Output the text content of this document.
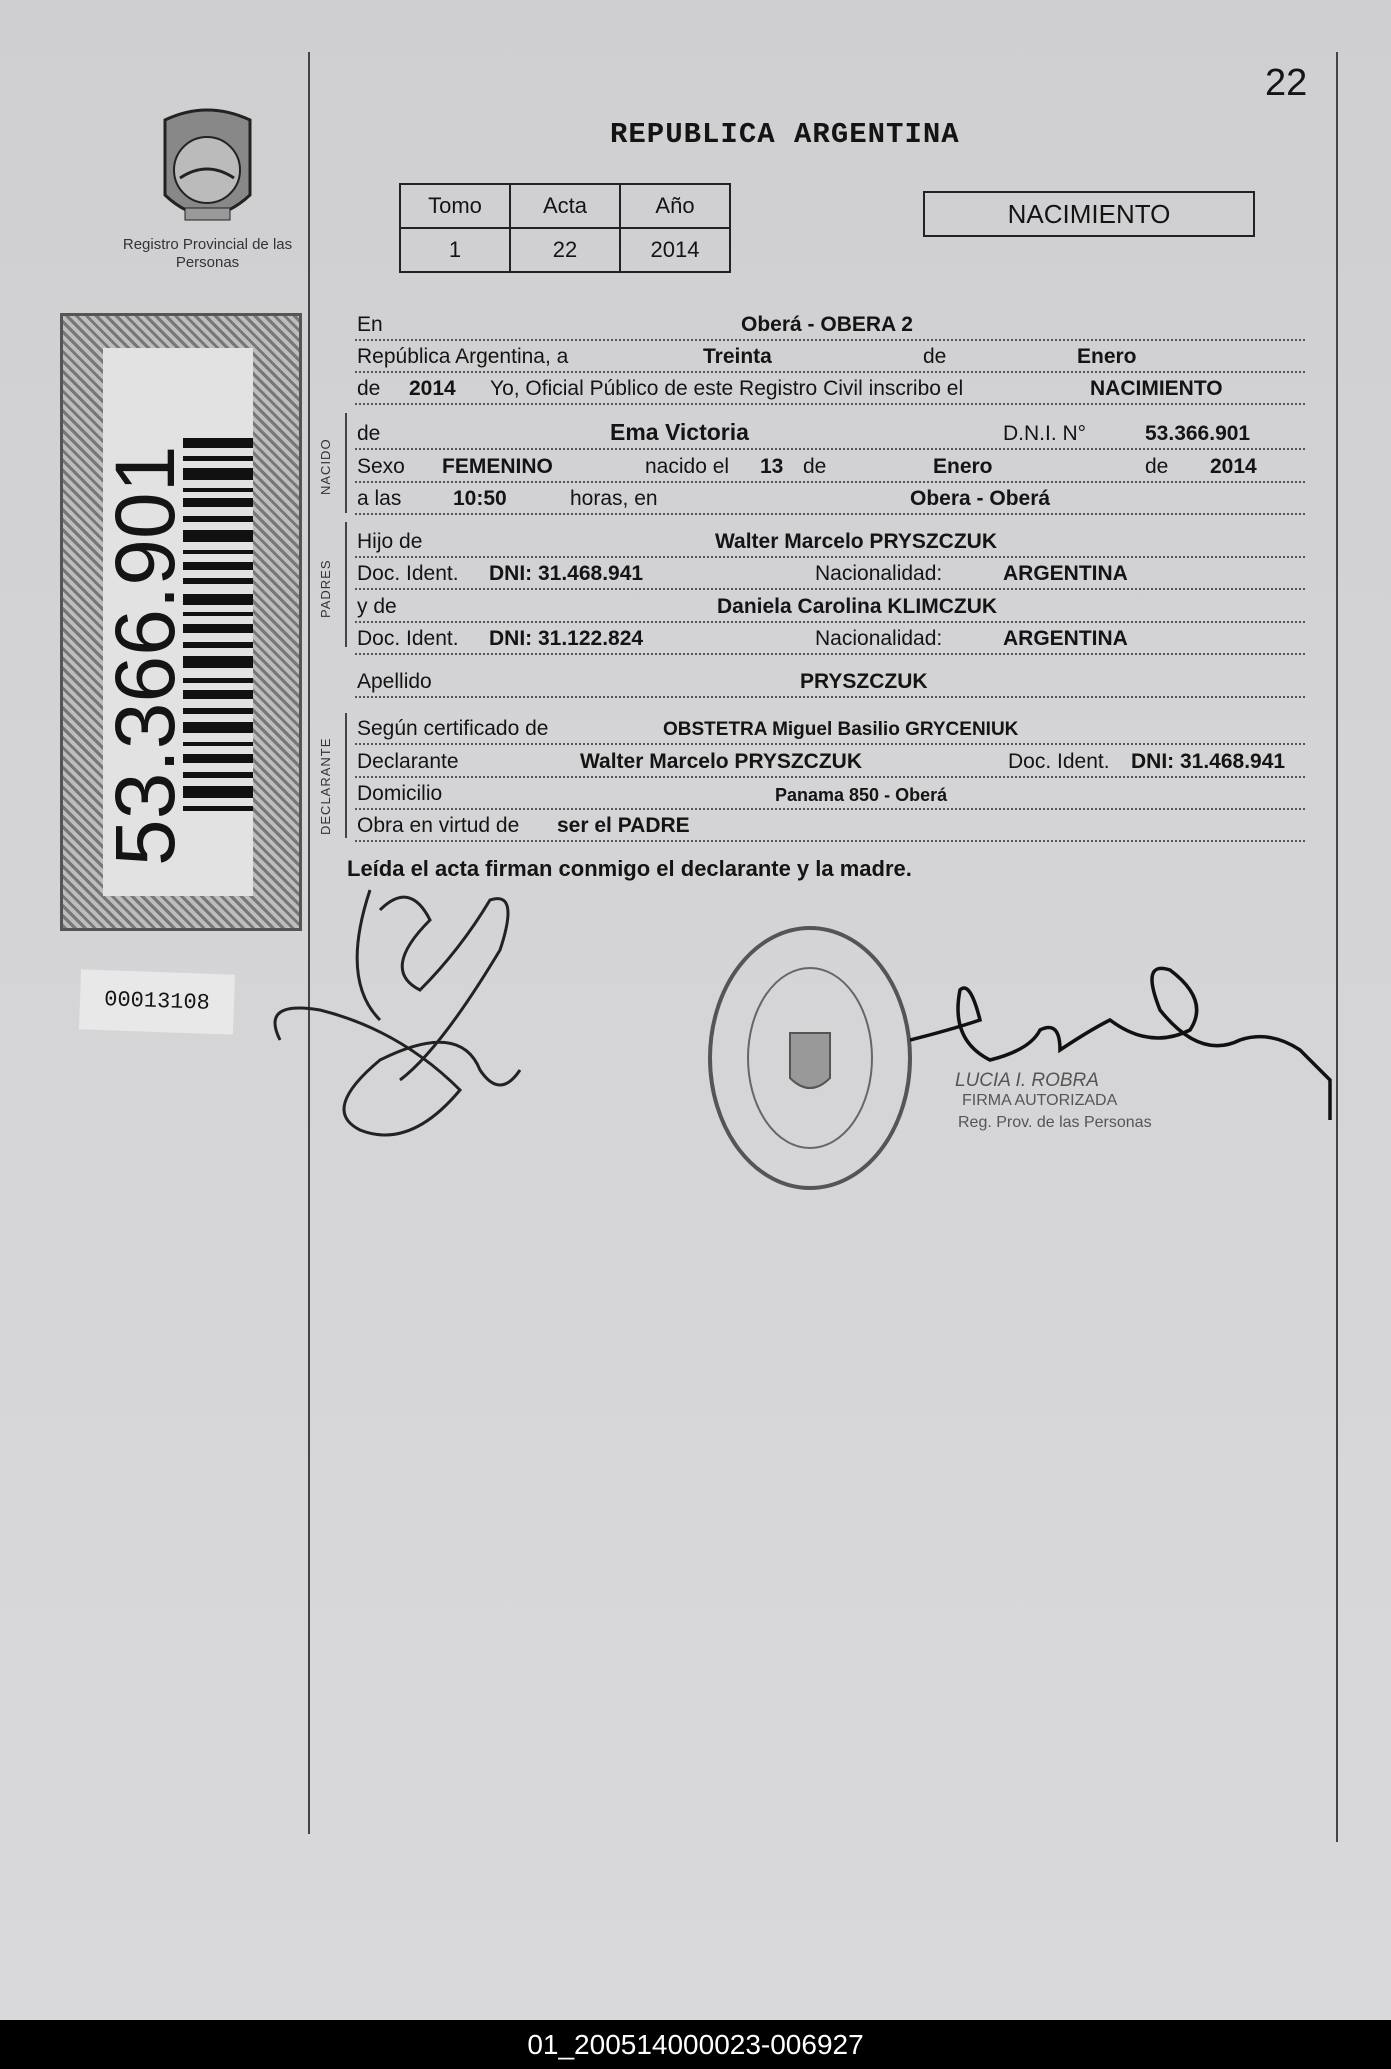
22
Registro Provincial de las Personas
53.366.901
00013108
REPUBLICA ARGENTINA
Tomo	Acta	Año
1	22	2014
NACIMIENTO
En	Oberá - OBERA 2
República Argentina, a	Treinta	de	Enero
de 2014 Yo, Oficial Público de este Registro Civil inscribo el	NACIMIENTO
NACIDO
de	Ema Victoria	D.N.I. N°	53.366.901
Sexo FEMENINO	nacido el 13 de	Enero	de 2014
a las 10:50	horas, en	Obera - Oberá
PADRES
Hijo de	Walter Marcelo PRYSZCZUK
Doc. Ident. DNI: 31.468.941	Nacionalidad:	ARGENTINA
y de	Daniela Carolina KLIMCZUK
Doc. Ident. DNI: 31.122.824	Nacionalidad:	ARGENTINA
Apellido	PRYSZCZUK
DECLARANTE
Según certificado de	OBSTETRA Miguel Basilio GRYCENIUK
Declarante	Walter Marcelo PRYSZCZUK	Doc. Ident. DNI: 31.468.941
Domicilio	Panama 850 - Oberá
Obra en virtud de ser el PADRE
Leída el acta firman conmigo el declarante y la madre.
LUCIA I. ROBRA
FIRMA AUTORIZADA
Reg. Prov. de las Personas
01_200514000023-006927
